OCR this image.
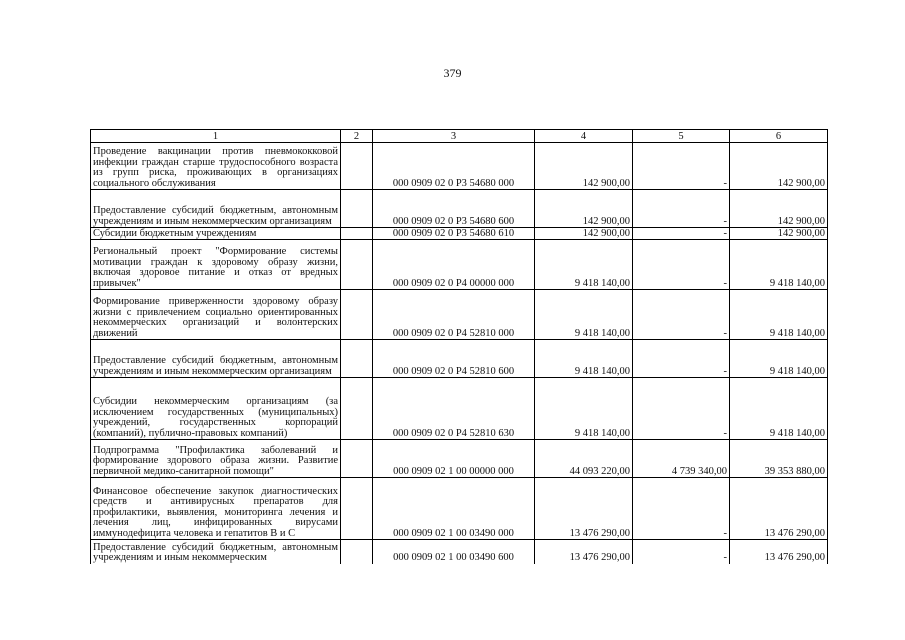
379
1	2	3	4	5	6
Проведение вакцинации против пневмококковой инфекции граждан старше трудоспособного возраста из групп риска, проживающих в организациях социального обслуживания		000 0909 02 0 P3 54680 000	142 900,00	-	142 900,00
Предоставление субсидий бюджетным, автономным учреждениям и иным некоммерческим организациям		000 0909 02 0 P3 54680 600	142 900,00	-	142 900,00
Субсидии бюджетным учреждениям		000 0909 02 0 P3 54680 610	142 900,00	-	142 900,00
Региональный проект "Формирование системы мотивации граждан к здоровому образу жизни, включая здоровое питание и отказ от вредных привычек"		000 0909 02 0 P4 00000 000	9 418 140,00	-	9 418 140,00
Формирование приверженности здоровому образу жизни с привлечением социально ориентированных некоммерческих организаций и волонтерских движений		000 0909 02 0 P4 52810 000	9 418 140,00	-	9 418 140,00
Предоставление субсидий бюджетным, автономным учреждениям и иным некоммерческим организациям		000 0909 02 0 P4 52810 600	9 418 140,00	-	9 418 140,00
Субсидии некоммерческим организациям (за исключением государственных (муниципальных) учреждений, государственных корпораций (компаний), публично-правовых компаний)		000 0909 02 0 P4 52810 630	9 418 140,00	-	9 418 140,00
Подпрограмма "Профилактика заболеваний и формирование здорового образа жизни. Развитие первичной медико-санитарной помощи"		000 0909 02 1 00 00000 000	44 093 220,00	4 739 340,00	39 353 880,00
Финансовое обеспечение закупок диагностических средств и антивирусных препаратов для профилактики, выявления, мониторинга лечения и лечения лиц, инфицированных вирусами иммунодефицита человека и гепатитов В и С		000 0909 02 1 00 03490 000	13 476 290,00	-	13 476 290,00
Предоставление субсидий бюджетным, автономным учреждениям и иным некоммерческим		000 0909 02 1 00 03490 600	13 476 290,00	-	13 476 290,00
